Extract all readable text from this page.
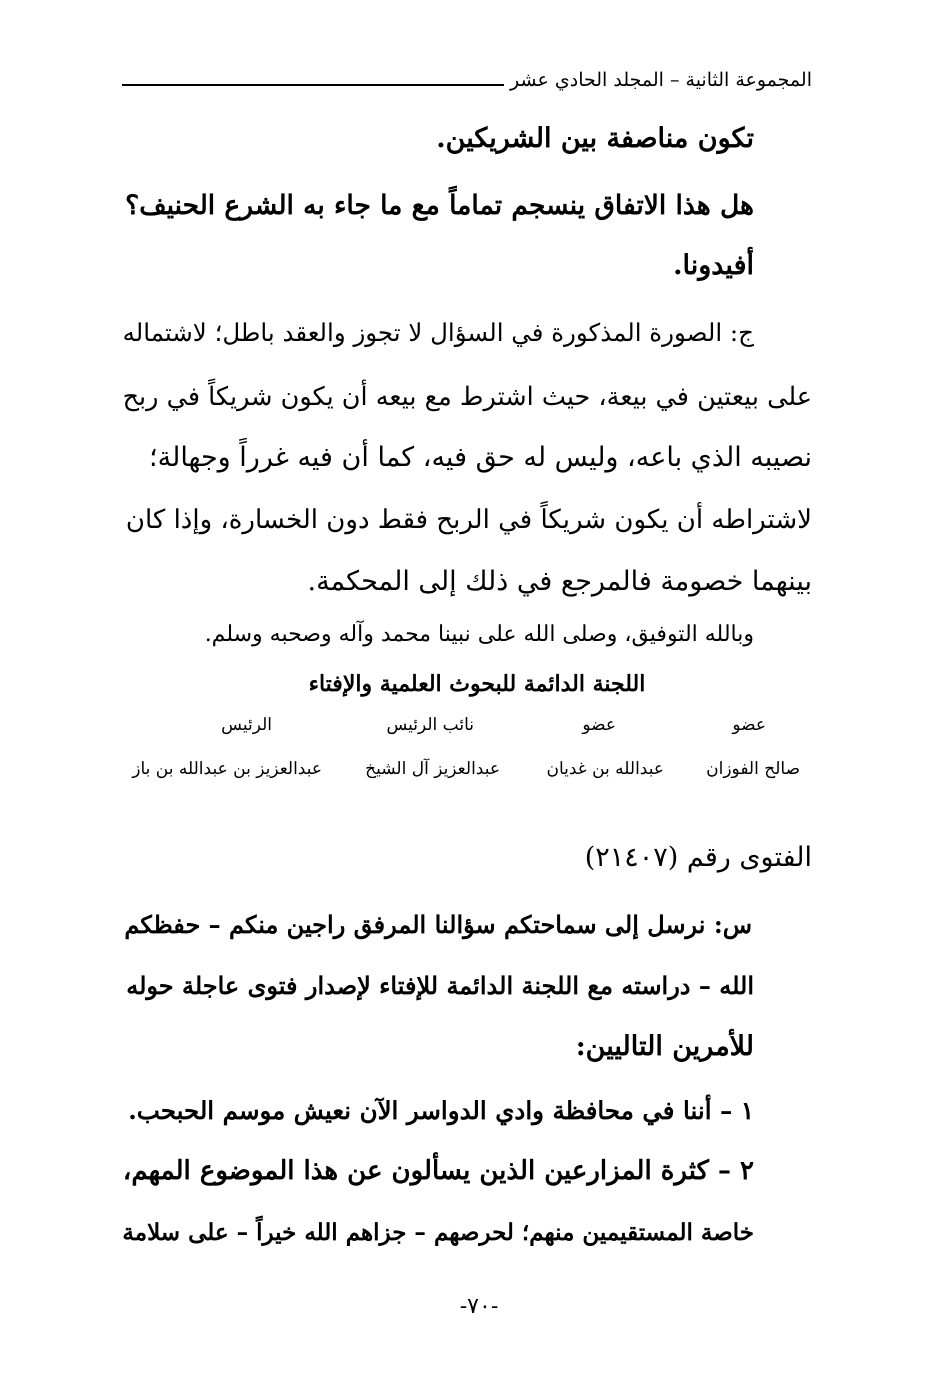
المجموعة الثانية – المجلد الحادي عشر
تكون مناصفة بين الشريكين.
هل هذا الاتفاق ينسجم تماماً مع ما جاء به الشرع الحنيف؟
أفيدونا.
ج: الصورة المذكورة في السؤال لا تجوز والعقد باطل؛ لاشتماله
على بيعتين في بيعة، حيث اشترط مع بيعه أن يكون شريكاً في ربح
نصيبه الذي باعه، وليس له حق فيه، كما أن فيه غرراً وجهالة؛
لاشتراطه أن يكون شريكاً في الربح فقط دون الخسارة، وإذا كان
بينهما خصومة فالمرجع في ذلك إلى المحكمة.
وبالله التوفيق، وصلى الله على نبينا محمد وآله وصحبه وسلم.
اللجنة الدائمة للبحوث العلمية والإفتاء
عضو
عضو
نائب الرئيس
الرئيس
صالح الفوزان
عبدالله بن غديان
عبدالعزيز آل الشيخ
عبدالعزيز بن عبدالله بن باز
الفتوى رقم (٢١٤٠٧)
س: نرسل إلى سماحتكم سؤالنا المرفق راجين منكم – حفظكم
الله – دراسته مع اللجنة الدائمة للإفتاء لإصدار فتوى عاجلة حوله
للأمرين التاليين:
١ – أننا في محافظة وادي الدواسر الآن نعيش موسم الحبحب.
٢ – كثرة المزارعين الذين يسألون عن هذا الموضوع المهم،
خاصة المستقيمين منهم؛ لحرصهم – جزاهم الله خيراً – على سلامة
-٧٠-
